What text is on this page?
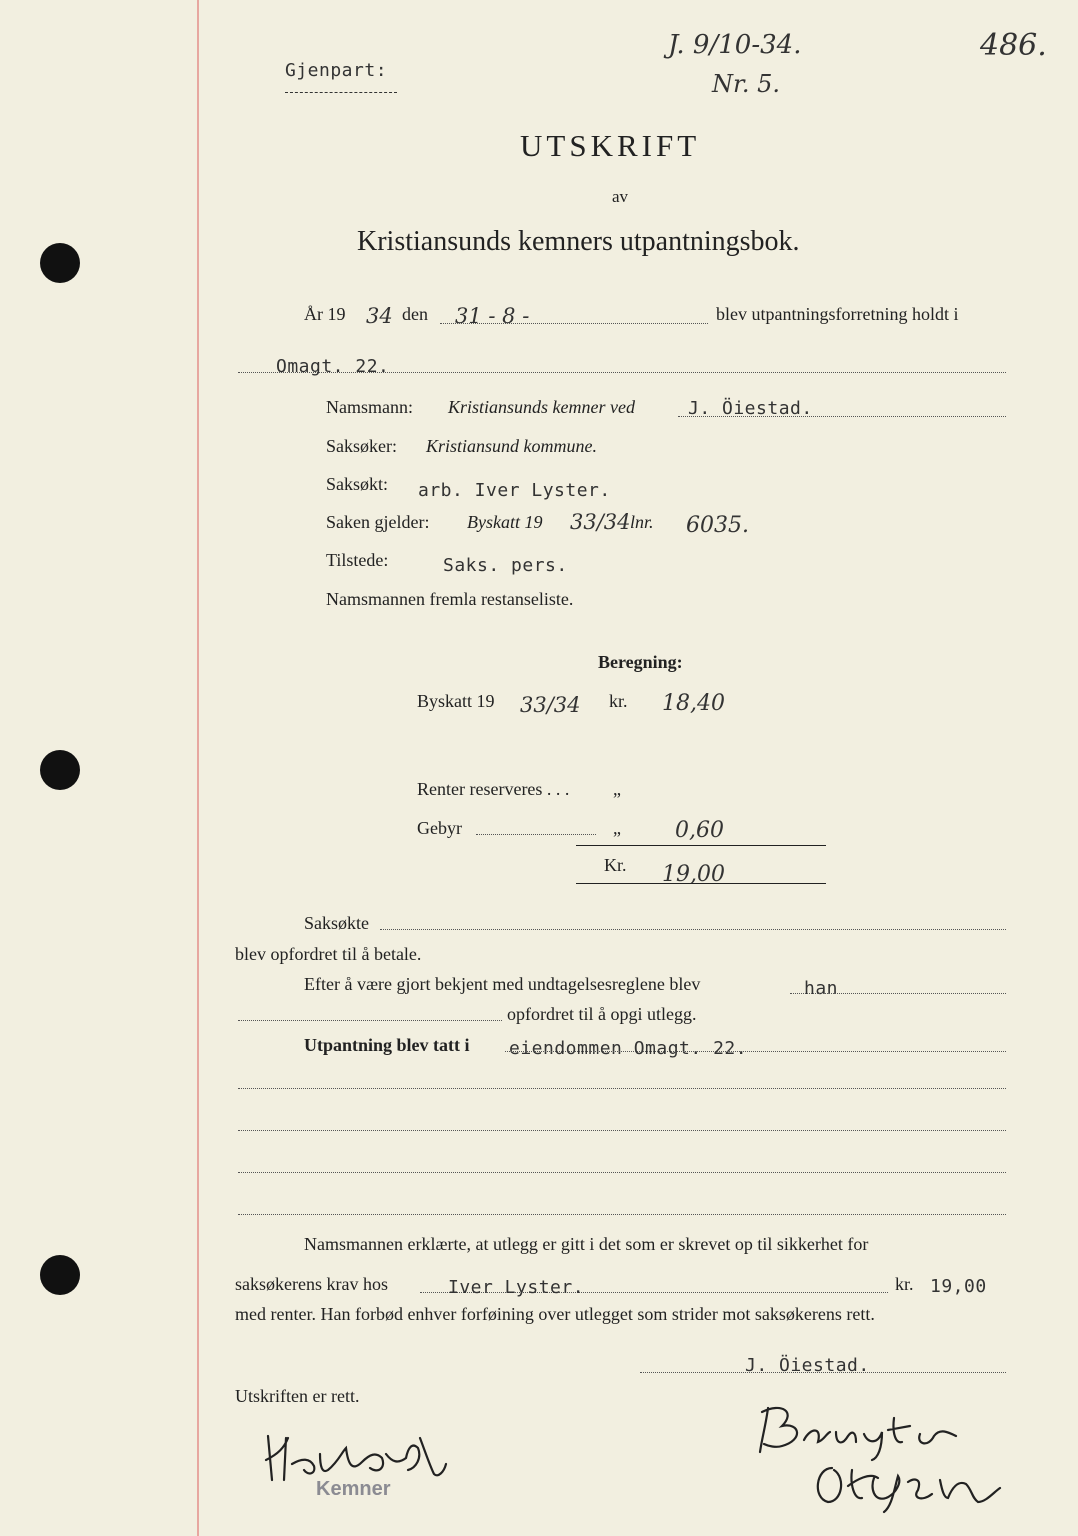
Gjenpart:
J. 9/10-34.
Nr. 5.
486.
UTSKRIFT
av
Kristiansunds kemners utpantningsbok.
År 19 34 den 31 - 8 -	blev utpantningsforretning holdt i
Omagt. 22.
Namsmann: Kristiansunds kemner ved	J. Öiestad.
Saksøker: Kristiansund kommune.
Saksøkt: arb. Iver Lyster.
Saken gjelder: Byskatt 19 33/34 lnr. 6035.
Tilstede:	Saks. pers.
Namsmannen fremla restanseliste.
Beregning:
Byskatt 19 33/34 kr. 18,40
Renter reserveres . . . „
Gebyr	„ 0,60
Kr. 19,00
Saksøkte
blev opfordret til å betale.
Efter å være gjort bekjent med undtagelsesreglene blev	han
opfordret til å opgi utlegg.
Utpantning blev tatt i eiendommen Omagt. 22.
Namsmannen erklærte, at utlegg er gitt i det som er skrevet op til sikkerhet for
saksøkerens krav hos	Iver Lyster.	kr. 19,00
med renter. Han forbød enhver forføining over utlegget som strider mot saksøkerens rett.
J. Öiestad.
Utskriften er rett.
Kemner
